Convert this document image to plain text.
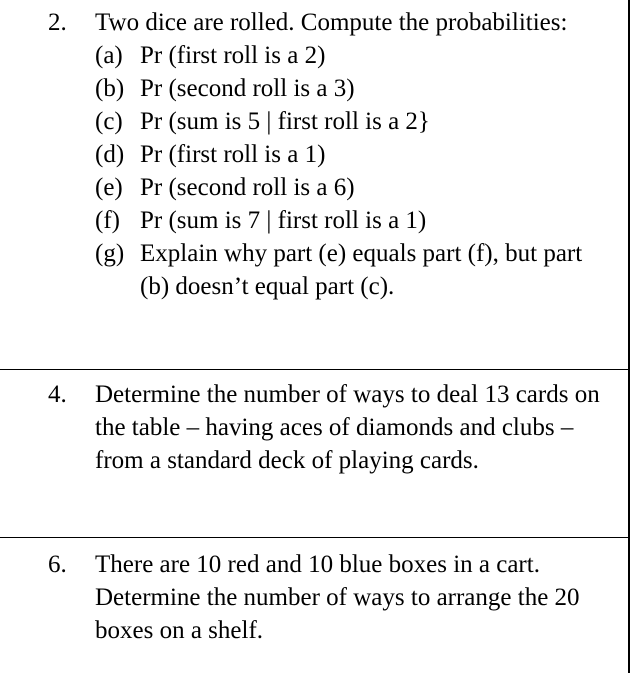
2. Two dice are rolled. Compute the probabilities:
(a) Pr (first roll is a 2)
(b) Pr (second roll is a 3)
(c) Pr (sum is 5 | first roll is a 2}
(d) Pr (first roll is a 1)
(e) Pr (second roll is a 6)
(f) Pr (sum is 7 | first roll is a 1)
(g) Explain why part (e) equals part (f), but part (b) doesn’t equal part (c).
4. Determine the number of ways to deal 13 cards on the table – having aces of diamonds and clubs – from a standard deck of playing cards.
6. There are 10 red and 10 blue boxes in a cart. Determine the number of ways to arrange the 20 boxes on a shelf.
